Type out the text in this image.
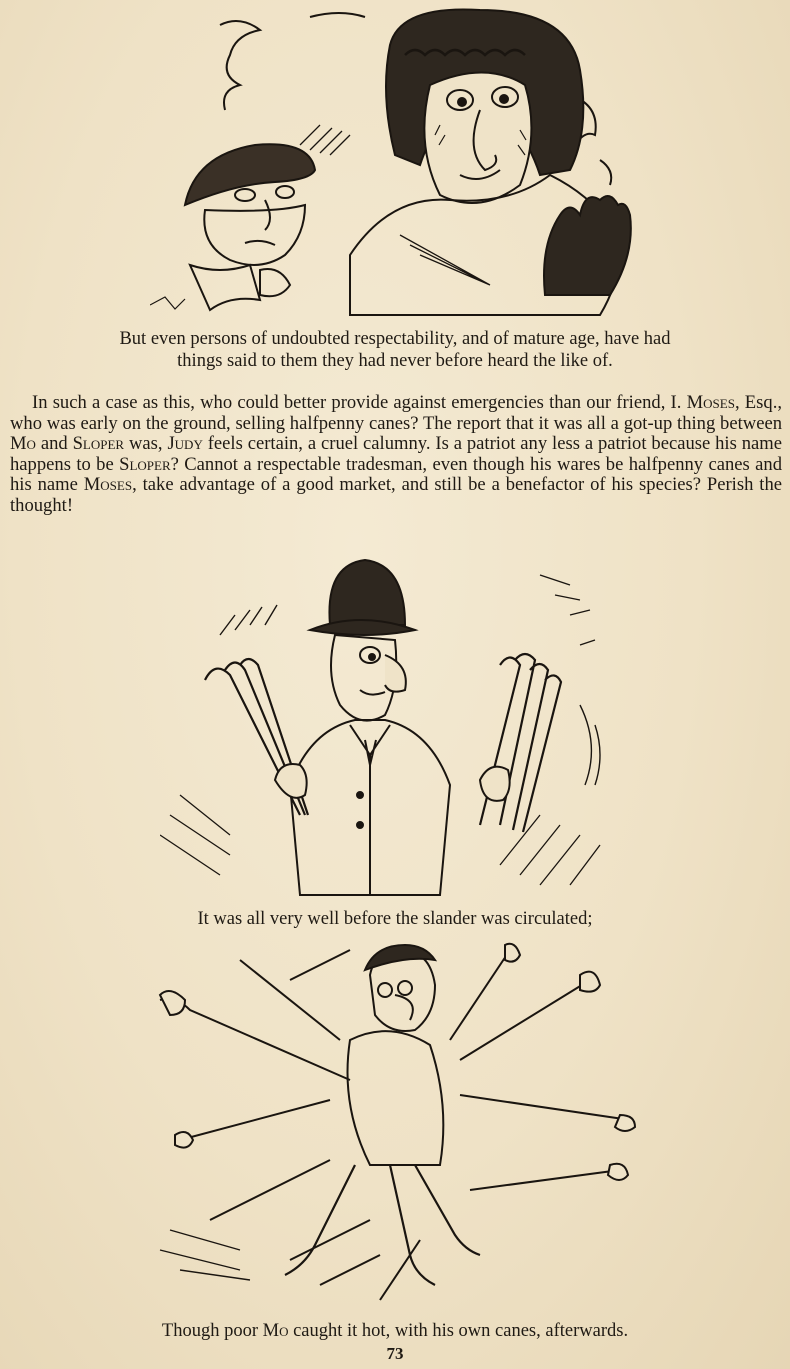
But even persons of undoubted respectability, and of mature age, have had
things said to them they had never before heard the like of.

In such a case as this, who could better provide against emergencies than our friend, I. Moses, Esq., who was early on the ground, selling halfpenny canes? The report that it was all a got-up thing between Mo and Sloper was, Judy feels certain, a cruel calumny. Is a patriot any less a patriot because his name happens to be Sloper? Cannot a respectable tradesman, even though his wares be halfpenny canes and his name Moses, take advantage of a good market, and still be a benefactor of his species? Perish the thought!

It was all very well before the slander was circulated;
Though poor Mo caught it hot, with his own canes, afterwards.
73
